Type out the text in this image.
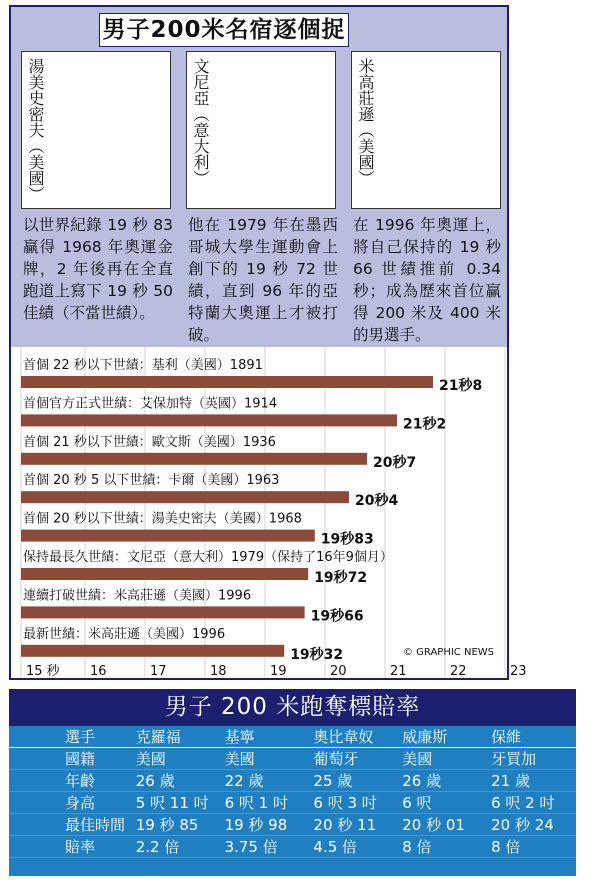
男子200米名宿逐個捉
湯美史密夫（美國）	文尼亞（意大利）	米高莊遜（美國）
以世界紀錄 19 秒 83 贏得 1968 年奧運金牌，2 年後再在全直跑道上寫下 19 秒 50 佳績（不當世績）。
他在 1979 年在墨西哥城大學生運動會上創下的 19 秒 72 世績，直到 96 年的亞特蘭大奧運上才被打破。
在 1996 年奧運上，將自己保持的 19 秒 66 世績推前 0.34 秒；成為歷來首位贏得 200 米及 400 米的男選手。
首個 22 秒以下世績：基利（美國）1891
21秒8
首個官方正式世績：艾保加特（英國）1914
21秒2
首個 21 秒以下世績：歐文斯（美國）1936
20秒7
首個 20 秒 5 以下世績：卡爾（美國）1963
20秒4
首個 20 秒以下世績：湯美史密夫（美國）1968
19秒83
保持最長久世績：文尼亞（意大利）1979（保持了16年9個月）
19秒72
連續打破世績：米高莊遜（美國）1996
19秒66
最新世績：米高莊遜（美國）1996
19秒32
15 秒 16	17	18	19	20	21	22	23
© GRAPHIC NEWS
男子 200 米跑奪標賠率
選手	克羅福	基寧	奧比韋奴	威廉斯	保維
國籍	美國	美國	葡萄牙	美國	牙買加
年齡	26 歲	22 歲	25 歲	26 歲	21 歲
身高	5 呎 11 吋	6 呎 1 吋	6 呎 3 吋	6 呎	6 呎 2 吋
最佳時間	19 秒 85	19 秒 98	20 秒 11	20 秒 01	20 秒 24
賠率	2.2 倍	3.75 倍	4.5 倍	8 倍	8 倍
